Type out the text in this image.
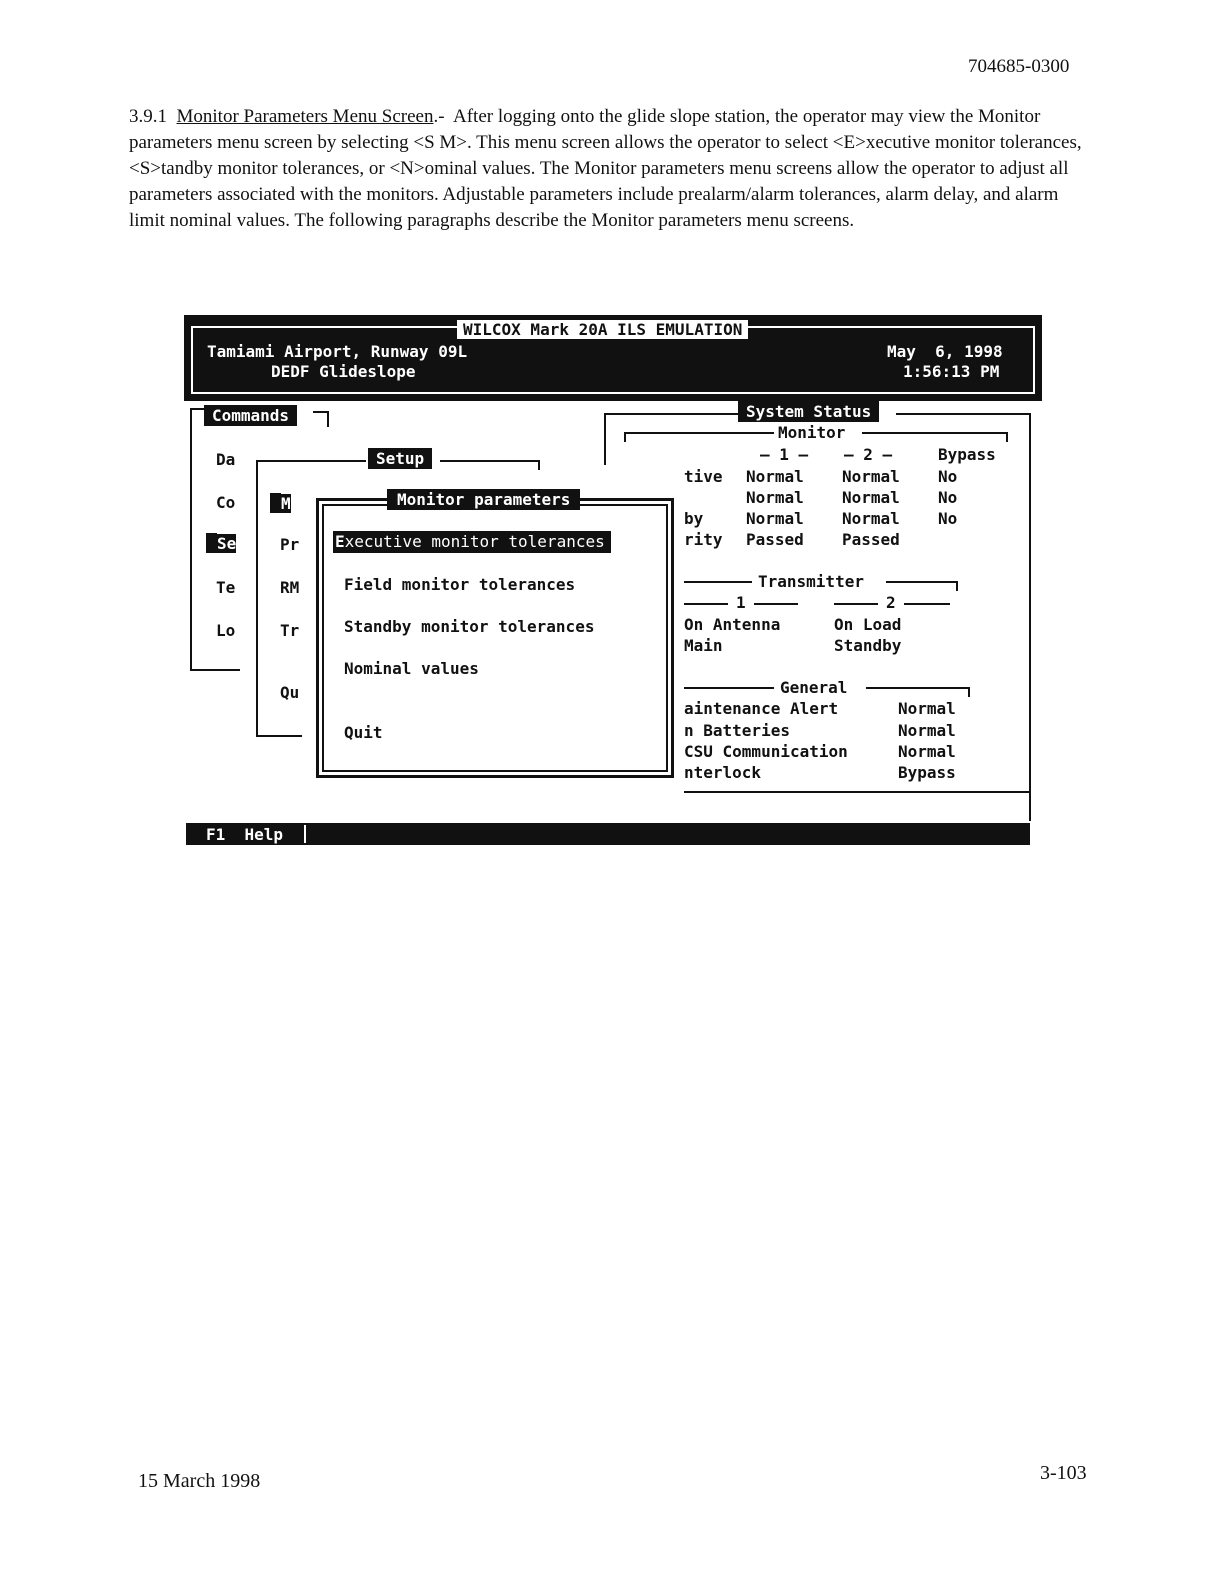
704685-0300
3.9.1 Monitor Parameters Menu Screen.- After logging onto the glide slope station, the operator may view the Monitor parameters menu screen by selecting <S M>. This menu screen allows the operator to select <E>xecutive monitor tolerances, <S>tandby monitor tolerances, or <N>ominal values. The Monitor parameters menu screens allow the operator to adjust all parameters associated with the monitors. Adjustable parameters include prealarm/alarm tolerances, alarm delay, and alarm limit nominal values. The following paragraphs describe the Monitor parameters menu screens.
WILCOX Mark 20A ILS EMULATION
Tamiami Airport, Runway 09L
DEDF Glideslope
May  6, 1998
1:56:13 PM
Commands
Da
Co
Se
Te
Lo
Setup
M
Pr
RM
Tr
Qu
Monitor parameters
Executive monitor tolerances
Field monitor tolerances
Standby monitor tolerances
Nominal values
Quit
System Status
Monitor
— 1 — — 2 —	Bypass
tive Normal Normal No
Normal Normal No
by	Normal Normal No
rity Passed Passed
Transmitter
1	2
On Antenna	On Load
Main	Standby
General
aintenance Alert	Normal
n Batteries	Normal
CSU Communication	Normal
nterlock	Bypass
F1  Help
15 March 1998	3-103
